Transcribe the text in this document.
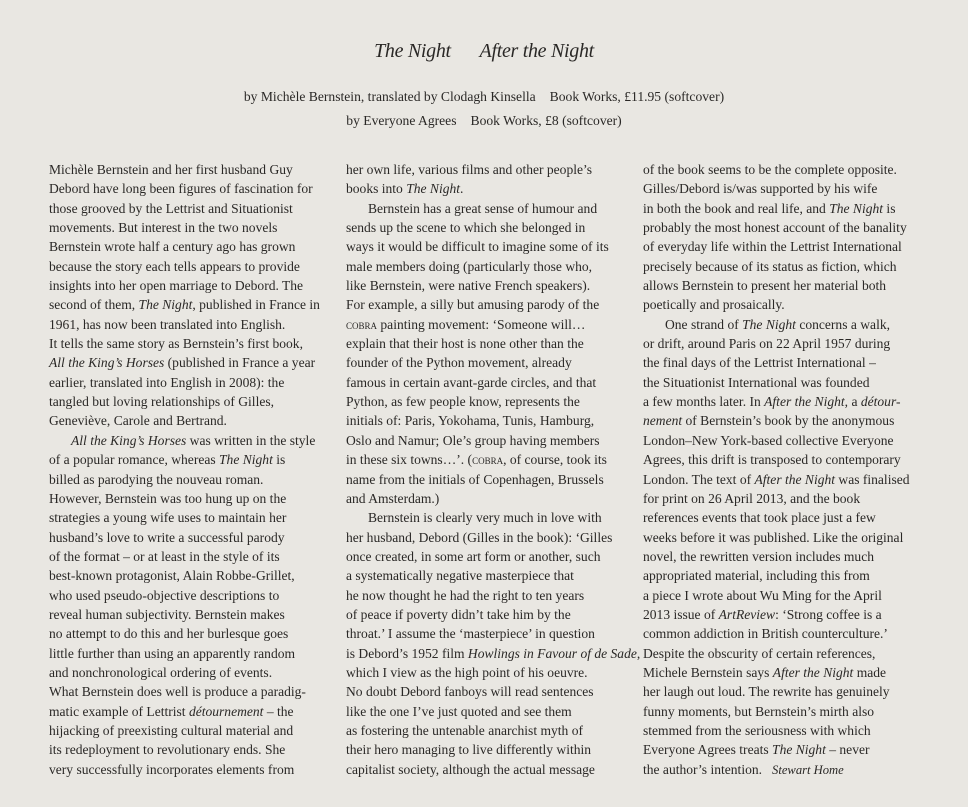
The Night After the Night
by Michèle Bernstein, translated by Clodagh Kinsella Book Works, £11.95 (softcover)
by Everyone Agrees Book Works, £8 (softcover)
Michèle Bernstein and her first husband Guy
Debord have long been figures of fascination for
those grooved by the Lettrist and Situationist
movements. But interest in the two novels
Bernstein wrote half a century ago has grown
because the story each tells appears to provide
insights into her open marriage to Debord. The
second of them, The Night, published in France in
1961, has now been translated into English.
It tells the same story as Bernstein’s first book,
All the King’s Horses (published in France a year
earlier, translated into English in 2008): the
tangled but loving relationships of Gilles,
Geneviève, Carole and Bertrand.
All the King’s Horses was written in the style
of a popular romance, whereas The Night is
billed as parodying the nouveau roman.
However, Bernstein was too hung up on the
strategies a young wife uses to maintain her
husband’s love to write a successful parody
of the format – or at least in the style of its
best-known protagonist, Alain Robbe-Grillet,
who used pseudo-objective descriptions to
reveal human subjectivity. Bernstein makes
no attempt to do this and her burlesque goes
little further than using an apparently random
and nonchronological ordering of events.
What Bernstein does well is produce a paradig-
matic example of Lettrist détournement – the
hijacking of preexisting cultural material and
its redeployment to revolutionary ends. She
very successfully incorporates elements from
her own life, various films and other people’s
books into The Night.
Bernstein has a great sense of humour and
sends up the scene to which she belonged in
ways it would be difficult to imagine some of its
male members doing (particularly those who,
like Bernstein, were native French speakers).
For example, a silly but amusing parody of the
cobra painting movement: ‘Someone will…
explain that their host is none other than the
founder of the Python movement, already
famous in certain avant-garde circles, and that
Python, as few people know, represents the
initials of: Paris, Yokohama, Tunis, Hamburg,
Oslo and Namur; Ole’s group having members
in these six towns…’. (cobra, of course, took its
name from the initials of Copenhagen, Brussels
and Amsterdam.)
Bernstein is clearly very much in love with
her husband, Debord (Gilles in the book): ‘Gilles
once created, in some art form or another, such
a systematically negative masterpiece that
he now thought he had the right to ten years
of peace if poverty didn’t take him by the
throat.’ I assume the ‘masterpiece’ in question
is Debord’s 1952 film Howlings in Favour of de Sade,
which I view as the high point of his oeuvre.
No doubt Debord fanboys will read sentences
like the one I’ve just quoted and see them
as fostering the untenable anarchist myth of
their hero managing to live differently within
capitalist society, although the actual message
of the book seems to be the complete opposite.
Gilles/Debord is/was supported by his wife
in both the book and real life, and The Night is
probably the most honest account of the banality
of everyday life within the Lettrist International
precisely because of its status as fiction, which
allows Bernstein to present her material both
poetically and prosaically.
One strand of The Night concerns a walk,
or drift, around Paris on 22 April 1957 during
the final days of the Lettrist International –
the Situationist International was founded
a few months later. In After the Night, a détour-
nement of Bernstein’s book by the anonymous
London–New York-based collective Everyone
Agrees, this drift is transposed to contemporary
London. The text of After the Night was finalised
for print on 26 April 2013, and the book
references events that took place just a few
weeks before it was published. Like the original
novel, the rewritten version includes much
appropriated material, including this from
a piece I wrote about Wu Ming for the April
2013 issue of ArtReview: ‘Strong coffee is a
common addiction in British counterculture.’
Despite the obscurity of certain references,
Michele Bernstein says After the Night made
her laugh out loud. The rewrite has genuinely
funny moments, but Bernstein’s mirth also
stemmed from the seriousness with which
Everyone Agrees treats The Night – never
the author’s intention. Stewart Home
